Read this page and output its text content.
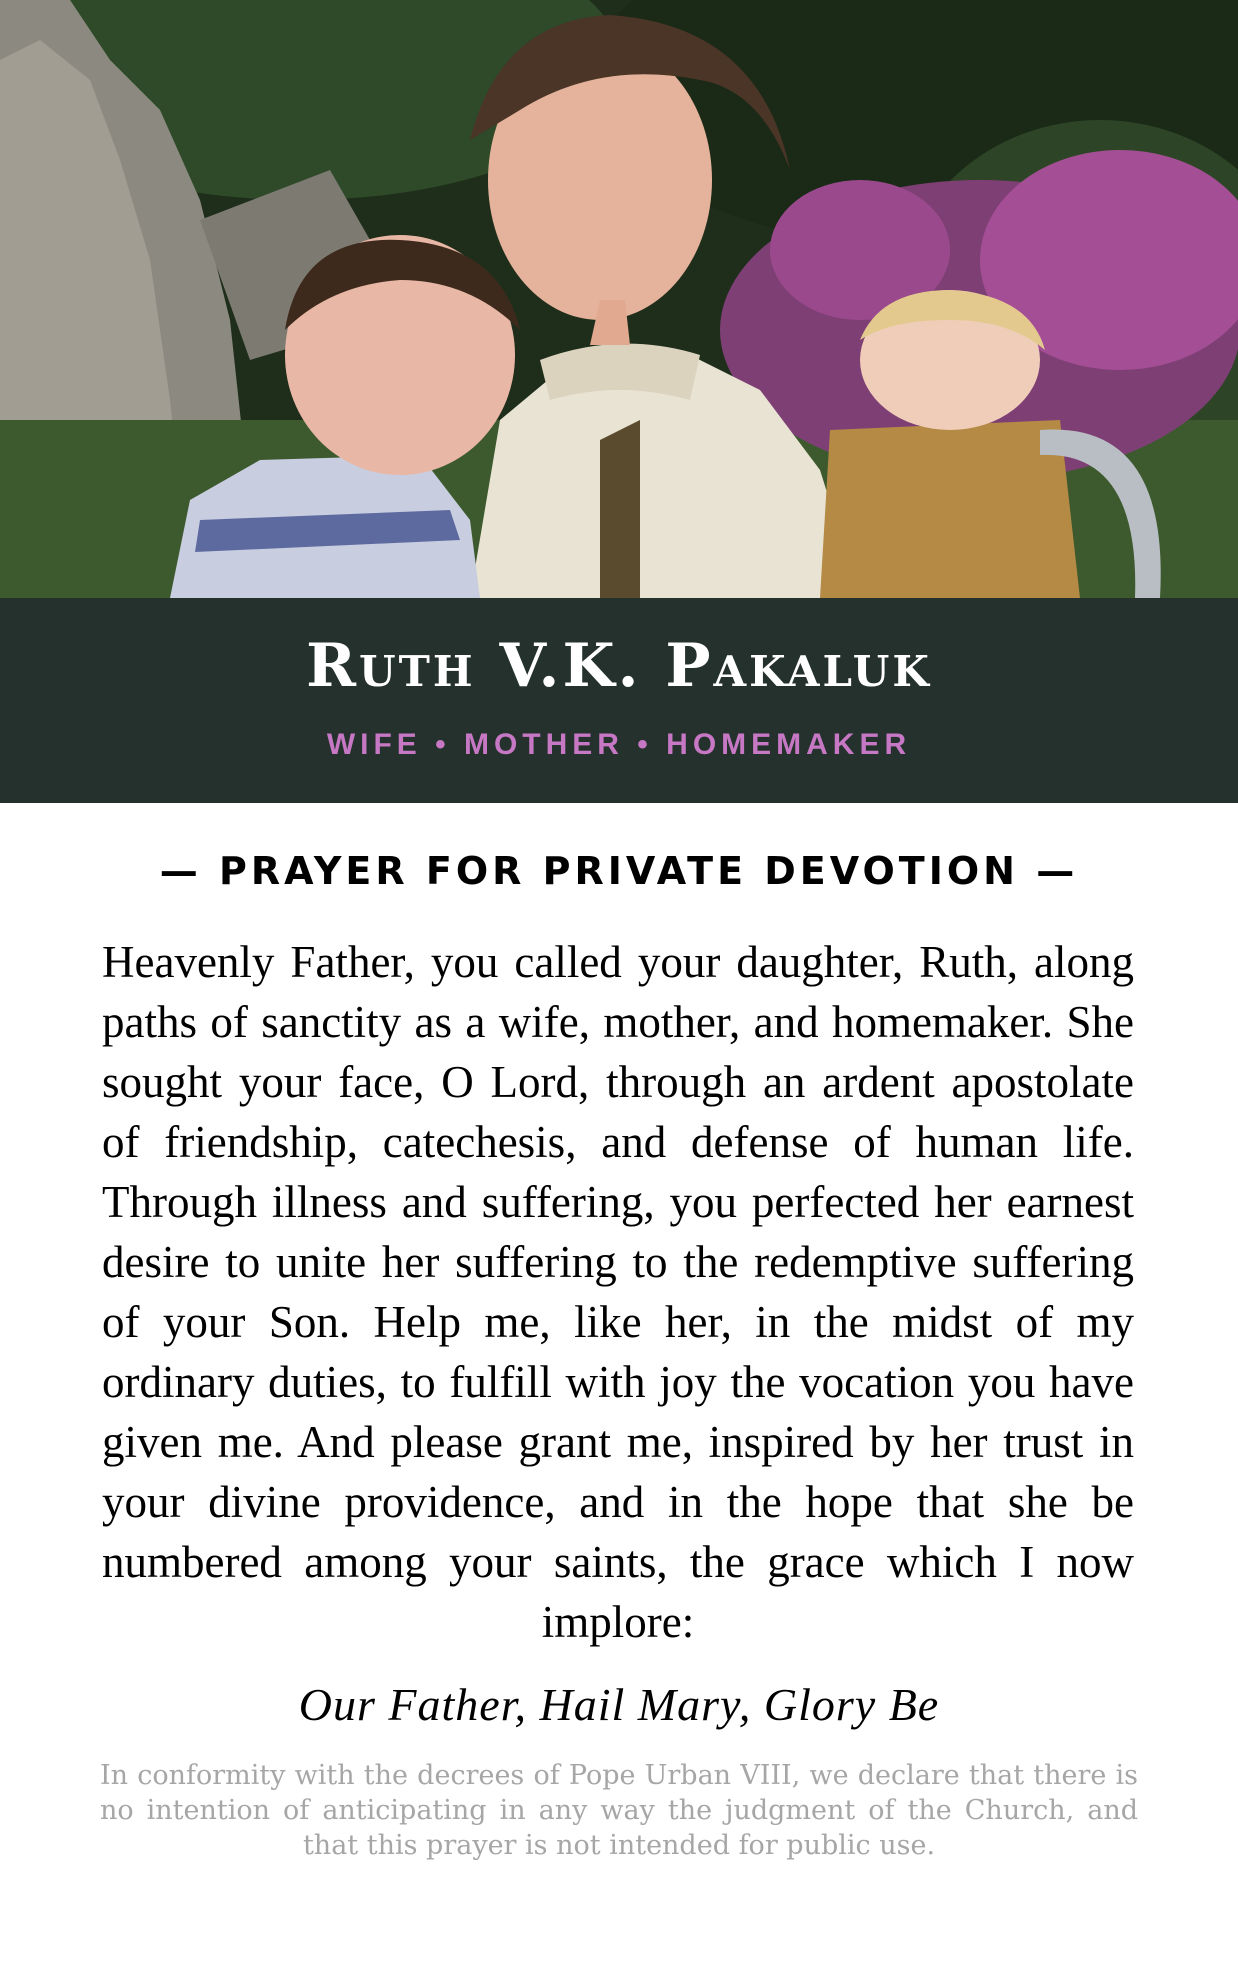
Ruth V.K. Pakaluk
WIFE • MOTHER • HOMEMAKER
— PRAYER FOR PRIVATE DEVOTION —
Heavenly Father, you called your daughter, Ruth, along paths of sanctity as a wife, mother, and homemaker. She sought your face, O Lord, through an ardent apostolate of friendship, catechesis, and defense of human life. Through illness and suffering, you perfected her earnest desire to unite her suffering to the redemptive suffering of your Son. Help me, like her, in the midst of my ordinary duties, to fulfill with joy the vocation you have given me. And please grant me, inspired by her trust in your divine providence, and in the hope that she be numbered among your saints, the grace which I now implore:
Our Father, Hail Mary, Glory Be
In conformity with the decrees of Pope Urban VIII, we declare that there is no intention of anticipating in any way the judgment of the Church, and that this prayer is not intended for public use.
